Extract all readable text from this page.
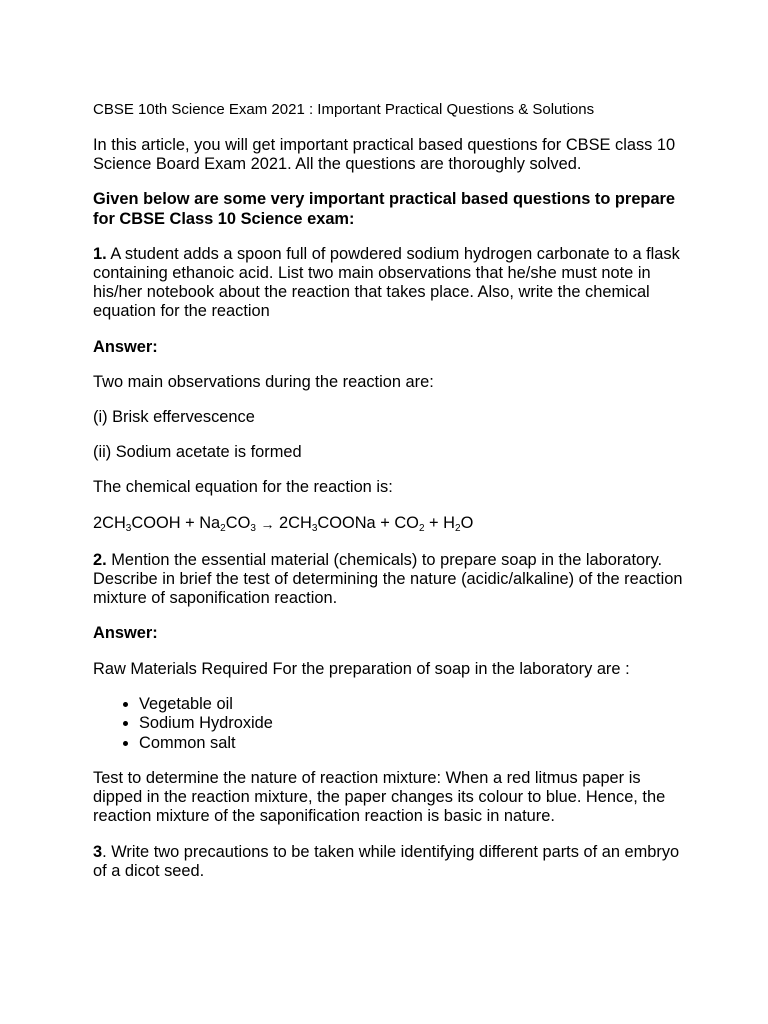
CBSE 10th Science Exam 2021 : Important Practical Questions & Solutions

In this article, you will get important practical based questions for CBSE class 10 Science Board Exam 2021. All the questions are thoroughly solved.

Given below are some very important practical based questions to prepare for CBSE Class 10 Science exam:

1. A student adds a spoon full of powdered sodium hydrogen carbonate to a flask containing ethanoic acid. List two main observations that he/she must note in his/her notebook about the reaction that takes place. Also, write the chemical equation for the reaction

Answer:

Two main observations during the reaction are:

(i) Brisk effervescence

(ii) Sodium acetate is formed

The chemical equation for the reaction is:

$2CH_3COOH + Na_2CO_3$ → $2CH_3COONa + CO_2 + H_2O$

2. Mention the essential material (chemicals) to prepare soap in the laboratory. Describe in brief the test of determining the nature (acidic/alkaline) of the reaction mixture of saponification reaction.

Answer:

Raw Materials Required For the preparation of soap in the laboratory are :

• Vegetable oil
• Sodium Hydroxide
• Common salt

Test to determine the nature of reaction mixture: When a red litmus paper is dipped in the reaction mixture, the paper changes its colour to blue. Hence, the reaction mixture of the saponification reaction is basic in nature.

3. Write two precautions to be taken while identifying different parts of an embryo of a dicot seed.
